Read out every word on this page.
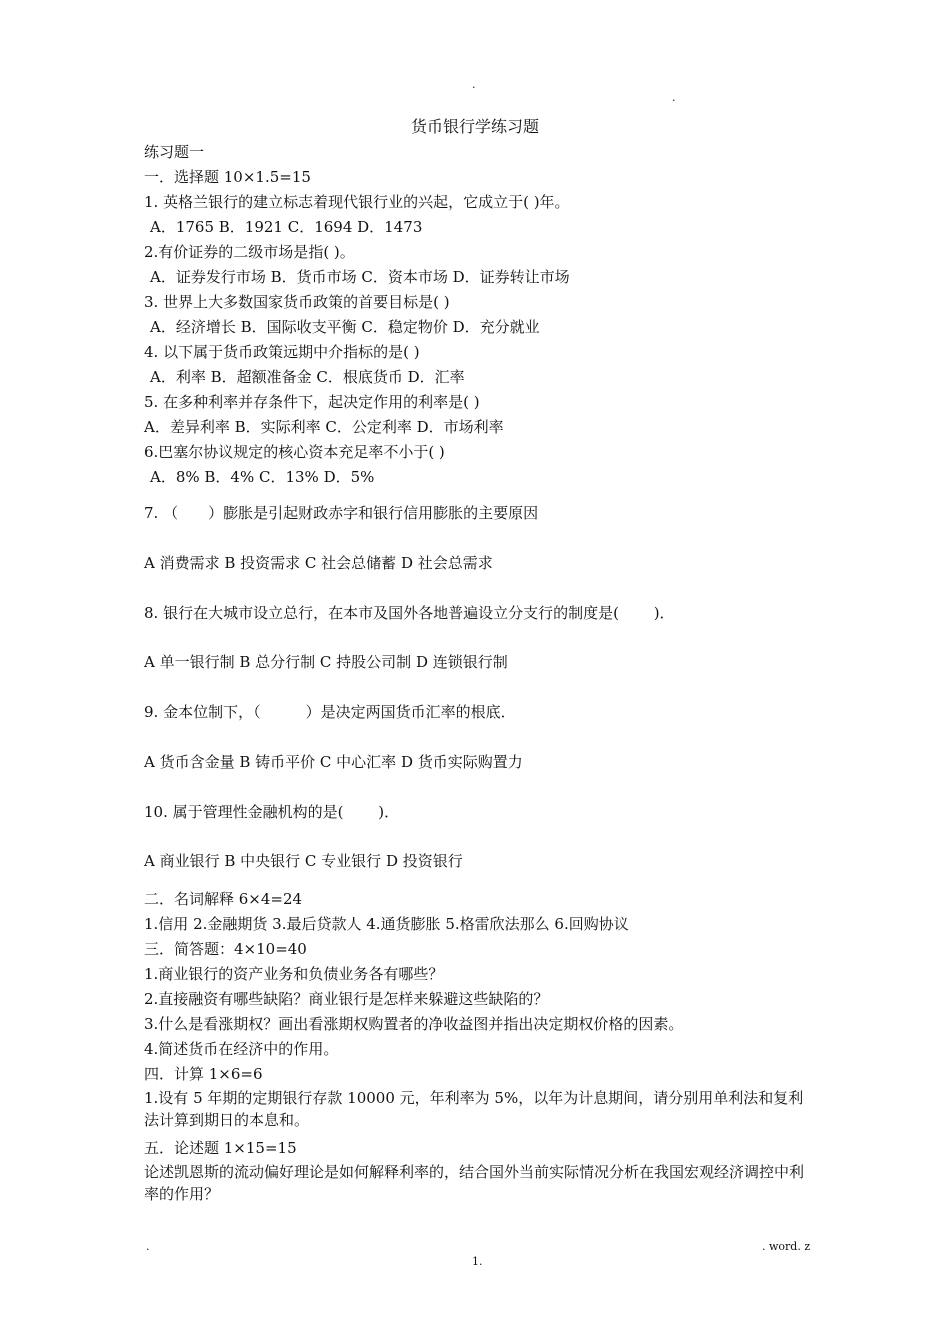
.
.
货币银行学练习题
练习题一
一．选择题 10×1.5=15
1. 英格兰银行的建立标志着现代银行业的兴起，它成立于( )年。
A．1765 B．1921 C．1694 D．1473
2.有价证券的二级市场是指( )。
A．证券发行市场 B．货币市场 C．资本市场 D．证券转让市场
3. 世界上大多数国家货币政策的首要目标是( )
A．经济增长 B．国际收支平衡 C．稳定物价 D．充分就业
4. 以下属于货币政策远期中介指标的是( )
A．利率 B．超额准备金 C．根底货币 D．汇率
5. 在多种利率并存条件下，起决定作用的利率是( )
A．差异利率 B．实际利率 C．公定利率 D．市场利率
6.巴塞尔协议规定的核心资本充足率不小于( )
A．8% B．4% C．13% D．5%
7. （　　）膨胀是引起财政赤字和银行信用膨胀的主要原因
A 消费需求 B 投资需求 C 社会总储蓄 D 社会总需求
8. 银行在大城市设立总行，在本市及国外各地普遍设立分支行的制度是(　　 )．
A 单一银行制 B 总分行制 C 持股公司制 D 连锁银行制
9. 金本位制下，（　　　）是决定两国货币汇率的根底．
A 货币含金量 B 铸币平价 C 中心汇率 D 货币实际购置力
10. 属于管理性金融机构的是(　　 )．
A 商业银行 B 中央银行 C 专业银行 D 投资银行
二．名词解释 6×4=24
1.信用 2.金融期货 3.最后贷款人 4.通货膨胀 5.格雷欣法那么 6.回购协议
三．简答题：4×10=40
1.商业银行的资产业务和负债业务各有哪些？
2.直接融资有哪些缺陷？商业银行是怎样来躲避这些缺陷的？
3.什么是看涨期权？画出看涨期权购置者的净收益图并指出决定期权价格的因素。
4.简述货币在经济中的作用。
四．计算 1×6=6
1.设有 5 年期的定期银行存款 10000 元，年利率为 5%，以年为计息期间，请分别用单利法和复利法计算到期日的本息和。
五．论述题 1×15=15
论述凯恩斯的流动偏好理论是如何解释利率的，结合国外当前实际情况分析在我国宏观经济调控中利率的作用？
.	. word. z
1.
